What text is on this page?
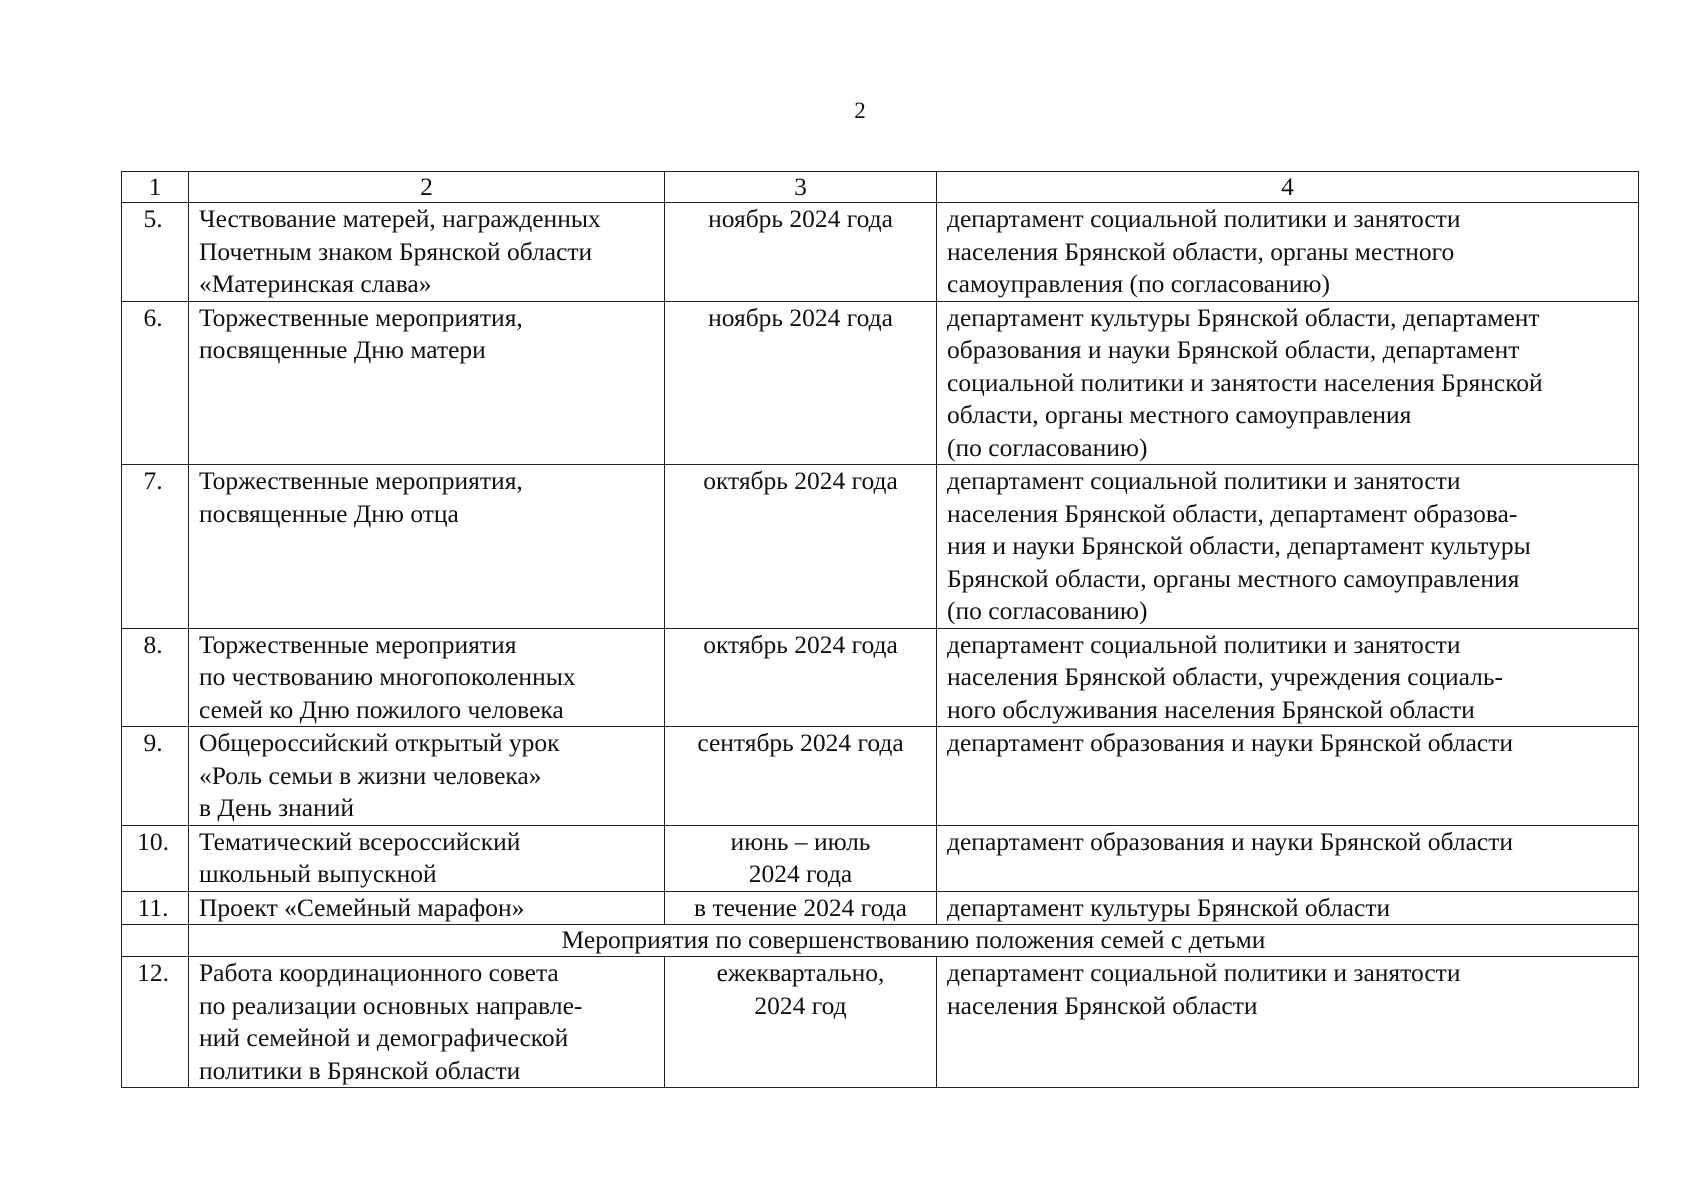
2
1	2	3	4
5.	Чествование матерей, награжденных
Почетным знаком Брянской области
«Материнская слава»	ноябрь 2024 года	департамент социальной политики и занятости
населения Брянской области, органы местного
самоуправления (по согласованию)

6.	Торжественные мероприятия,
посвященные Дню матери	ноябрь 2024 года	департамент культуры Брянской области, департамент
образования и науки Брянской области, департамент
социальной политики и занятости населения Брянской
области, органы местного самоуправления
(по согласованию)

7.	Торжественные мероприятия,
посвященные Дню отца	октябрь 2024 года	департамент социальной политики и занятости
населения Брянской области, департамент образова-
ния и науки Брянской области, департамент культуры
Брянской области, органы местного самоуправления
(по согласованию)

8.	Торжественные мероприятия
по чествованию многопоколенных
семей ко Дню пожилого человека	октябрь 2024 года	департамент социальной политики и занятости
населения Брянской области, учреждения социаль-
ного обслуживания населения Брянской области

9.	Общероссийский открытый урок
«Роль семьи в жизни человека»
в День знаний	сентябрь 2024 года	департамент образования и науки Брянской области

10.	Тематический всероссийский
школьный выпускной	июнь – июль
2024 года	департамент образования и науки Брянской области

11.	Проект «Семейный марафон»	в течение 2024 года	департамент культуры Брянской области

	Мероприятия по совершенствованию положения семей с детьми		
12.	Работа координационного совета
по реализации основных направле-
ний семейной и демографической
политики в Брянской области	ежеквартально,
2024 год	департамент социальной политики и занятости
населения Брянской области
